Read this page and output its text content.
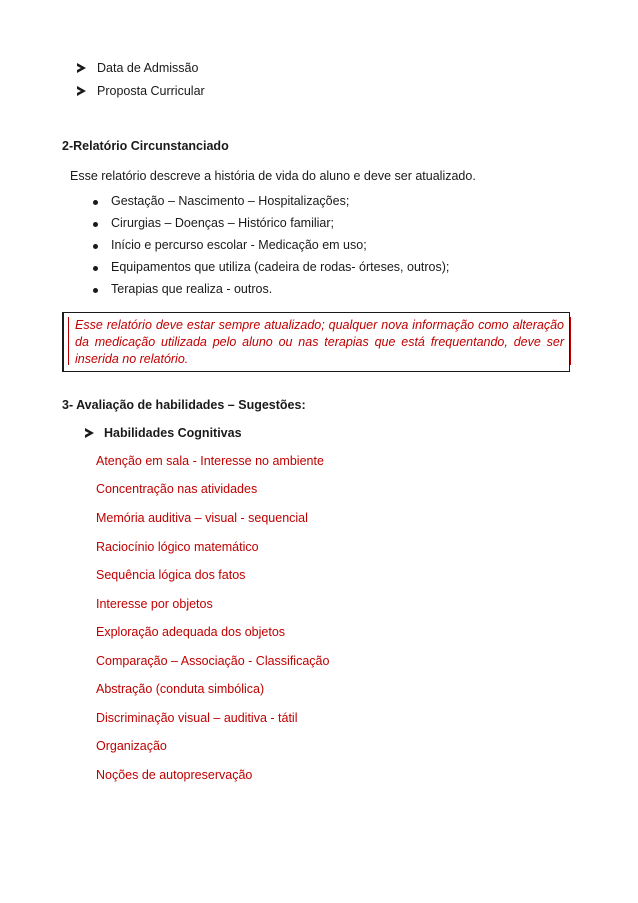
Data de Admissão
Proposta Curricular
2-Relatório Circunstanciado
Esse relatório descreve a história de vida do aluno e deve ser atualizado.
Gestação – Nascimento – Hospitalizações;
Cirurgias – Doenças – Histórico familiar;
Início e percurso escolar - Medicação em uso;
Equipamentos que utiliza (cadeira de rodas- órteses, outros);
Terapias que realiza - outros.

Esse relatório deve estar sempre atualizado; qualquer nova informação como alteração da medicação utilizada pelo aluno ou nas terapias que está frequentando, deve ser inserida no relatório.

3- Avaliação de habilidades – Sugestões:
Habilidades Cognitivas
Atenção em sala - Interesse no ambiente
Concentração nas atividades
Memória auditiva – visual - sequencial
Raciocínio lógico matemático
Sequência lógica dos fatos
Interesse por objetos
Exploração adequada dos objetos
Comparação – Associação - Classificação
Abstração (conduta simbólica)
Discriminação visual – auditiva - tátil
Organização
Noções de autopreservação
